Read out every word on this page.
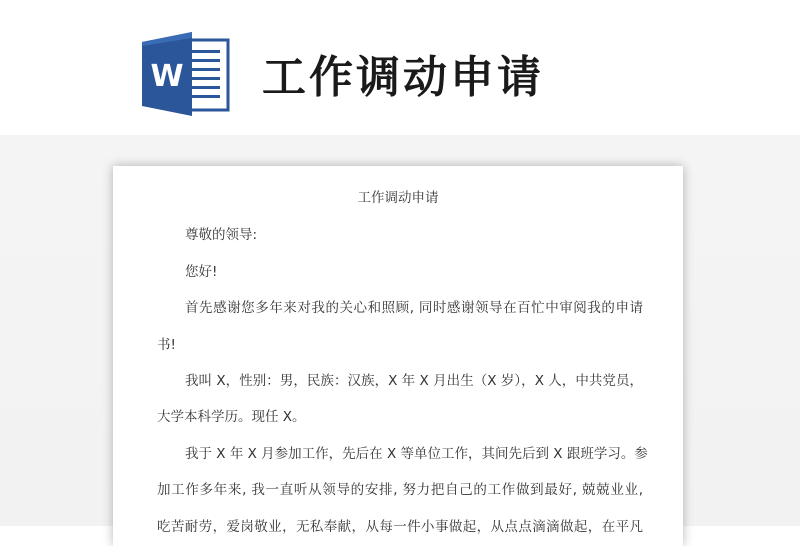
W 工作调动申请
工作调动申请
尊敬的领导:
您好!
首先感谢您多年来对我的关心和照顾, 同时感谢领导在百忙中审阅我的申请
书!
我叫 X，性别：男，民族：汉族，X 年 X 月出生（X 岁），X 人，中共党员，
大学本科学历。现任 X。
我于 X 年 X 月参加工作，先后在 X 等单位工作，其间先后到 X 跟班学习。参
加工作多年来, 我一直听从领导的安排, 努力把自己的工作做到最好, 兢兢业业,
吃苦耐劳，爱岗敬业，无私奉献，从每一件小事做起，从点点滴滴做起，在平凡
